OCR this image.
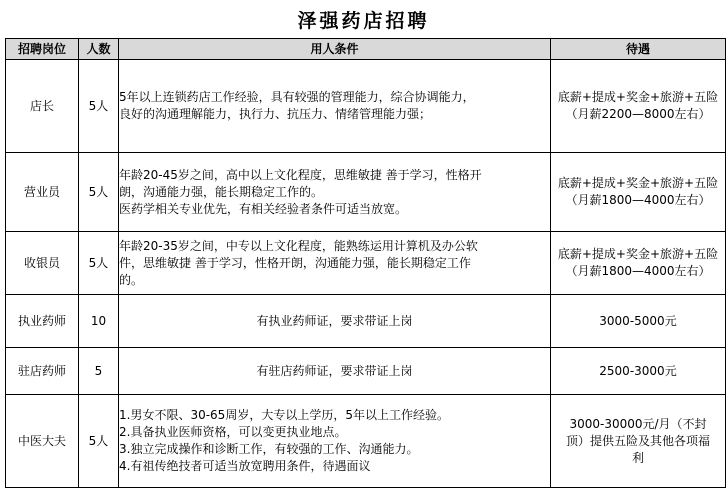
泽强药店招聘
招聘岗位	人数	用人条件	待遇
店长	5人	5年以上连锁药店工作经验，具有较强的管理能力，综合协调能力，
良好的沟通理解能力，执行力、抗压力、情绪管理能力强；	底薪+提成+奖金+旅游+五险
（月薪2200—8000左右）

营业员	5人	年龄20-45岁之间，高中以上文化程度，思维敏捷 善于学习，性格开
朗，沟通能力强，能长期稳定工作的。
医药学相关专业优先，有相关经验者条件可适当放宽。	底薪+提成+奖金+旅游+五险
（月薪1800—4000左右）

收银员	5人	年龄20-35岁之间，中专以上文化程度，能熟练运用计算机及办公软
件，思维敏捷 善于学习，性格开朗，沟通能力强，能长期稳定工作
的。	底薪+提成+奖金+旅游+五险
（月薪1800—4000左右）

执业药师	10	有执业药师证，要求带证上岗	3000-5000元

驻店药师	5	有驻店药师证，要求带证上岗	2500-3000元

中医大夫	5人	1.男女不限、30-65周岁，大专以上学历，5年以上工作经验。
2.具备执业医师资格，可以变更执业地点。
3.独立完成操作和诊断工作，有较强的工作、沟通能力。
4.有祖传绝技者可适当放宽聘用条件，待遇面议	3000-30000元/月（不封
顶）提供五险及其他各项福
利
